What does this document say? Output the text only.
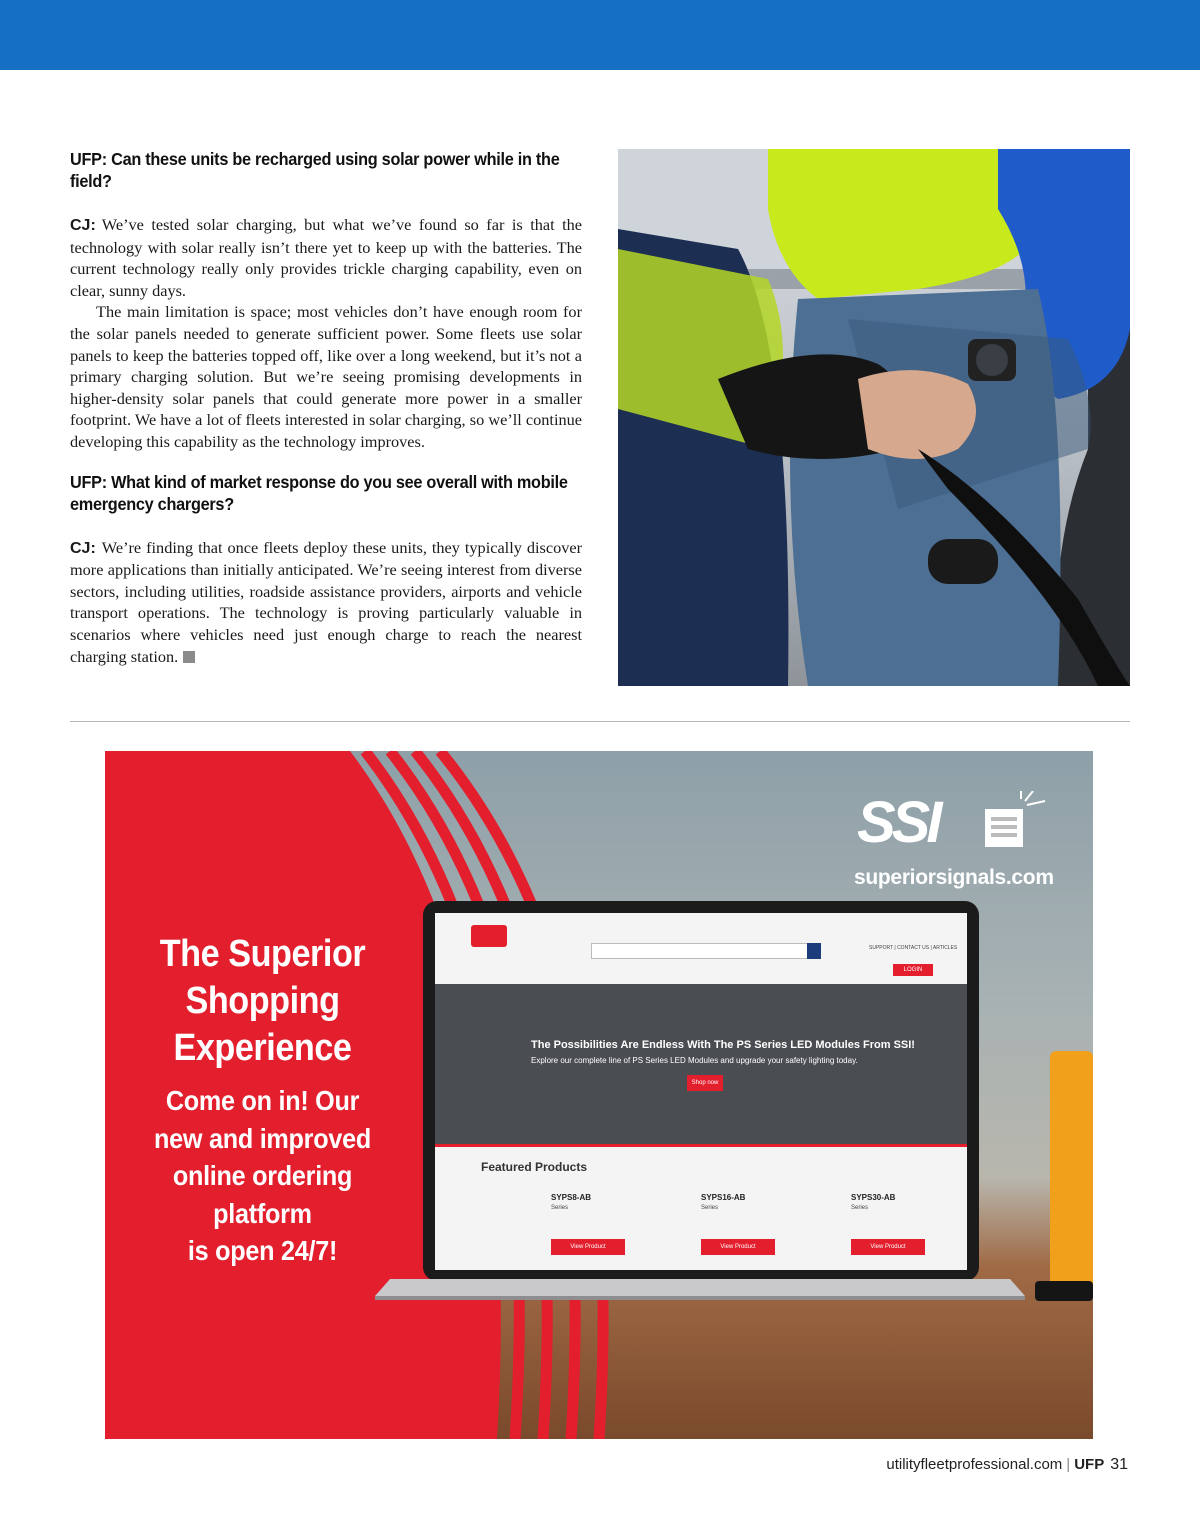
UFP: Can these units be recharged using solar power while in the field?

CJ: We’ve tested solar charging, but what we’ve found so far is that the technology with solar really isn’t there yet to keep up with the batteries. The current technology really only provides trickle charging capability, even on clear, sunny days.

The main limitation is space; most vehicles don’t have enough room for the solar panels needed to generate sufficient power. Some fleets use solar panels to keep the batteries topped off, like over a long weekend, but it’s not a primary charging solution. But we’re seeing promising developments in higher-density solar panels that could generate more power in a smaller footprint. We have a lot of fleets interested in solar charging, so we’ll continue developing this capability as the technology improves.

UFP: What kind of market response do you see overall with mobile emergency chargers?

CJ: We’re finding that once fleets deploy these units, they typically discover more applications than initially anticipated. We’re seeing interest from diverse sectors, including utilities, roadside assistance providers, airports and vehicle transport operations. The technology is proving particularly valuable in scenarios where vehicles need just enough charge to reach the nearest charging station.

SSI
superiorsignals.com
The Superior
Shopping
Experience
Come on in! Our
new and improved
online ordering
platform
is open 24/7!
SUPPORT | CONTACT US | ARTICLES
LOGIN
The Possibilities Are Endless With The PS Series LED Modules From SSI!
Explore our complete line of PS Series LED Modules and upgrade your safety lighting today.
Shop now
Featured Products
SYPS8-AB
Series
View Product
SYPS16-AB
Series
View Product
SYPS30-AB
Series
View Product
utilityfleetprofessional.com | UFP 31
